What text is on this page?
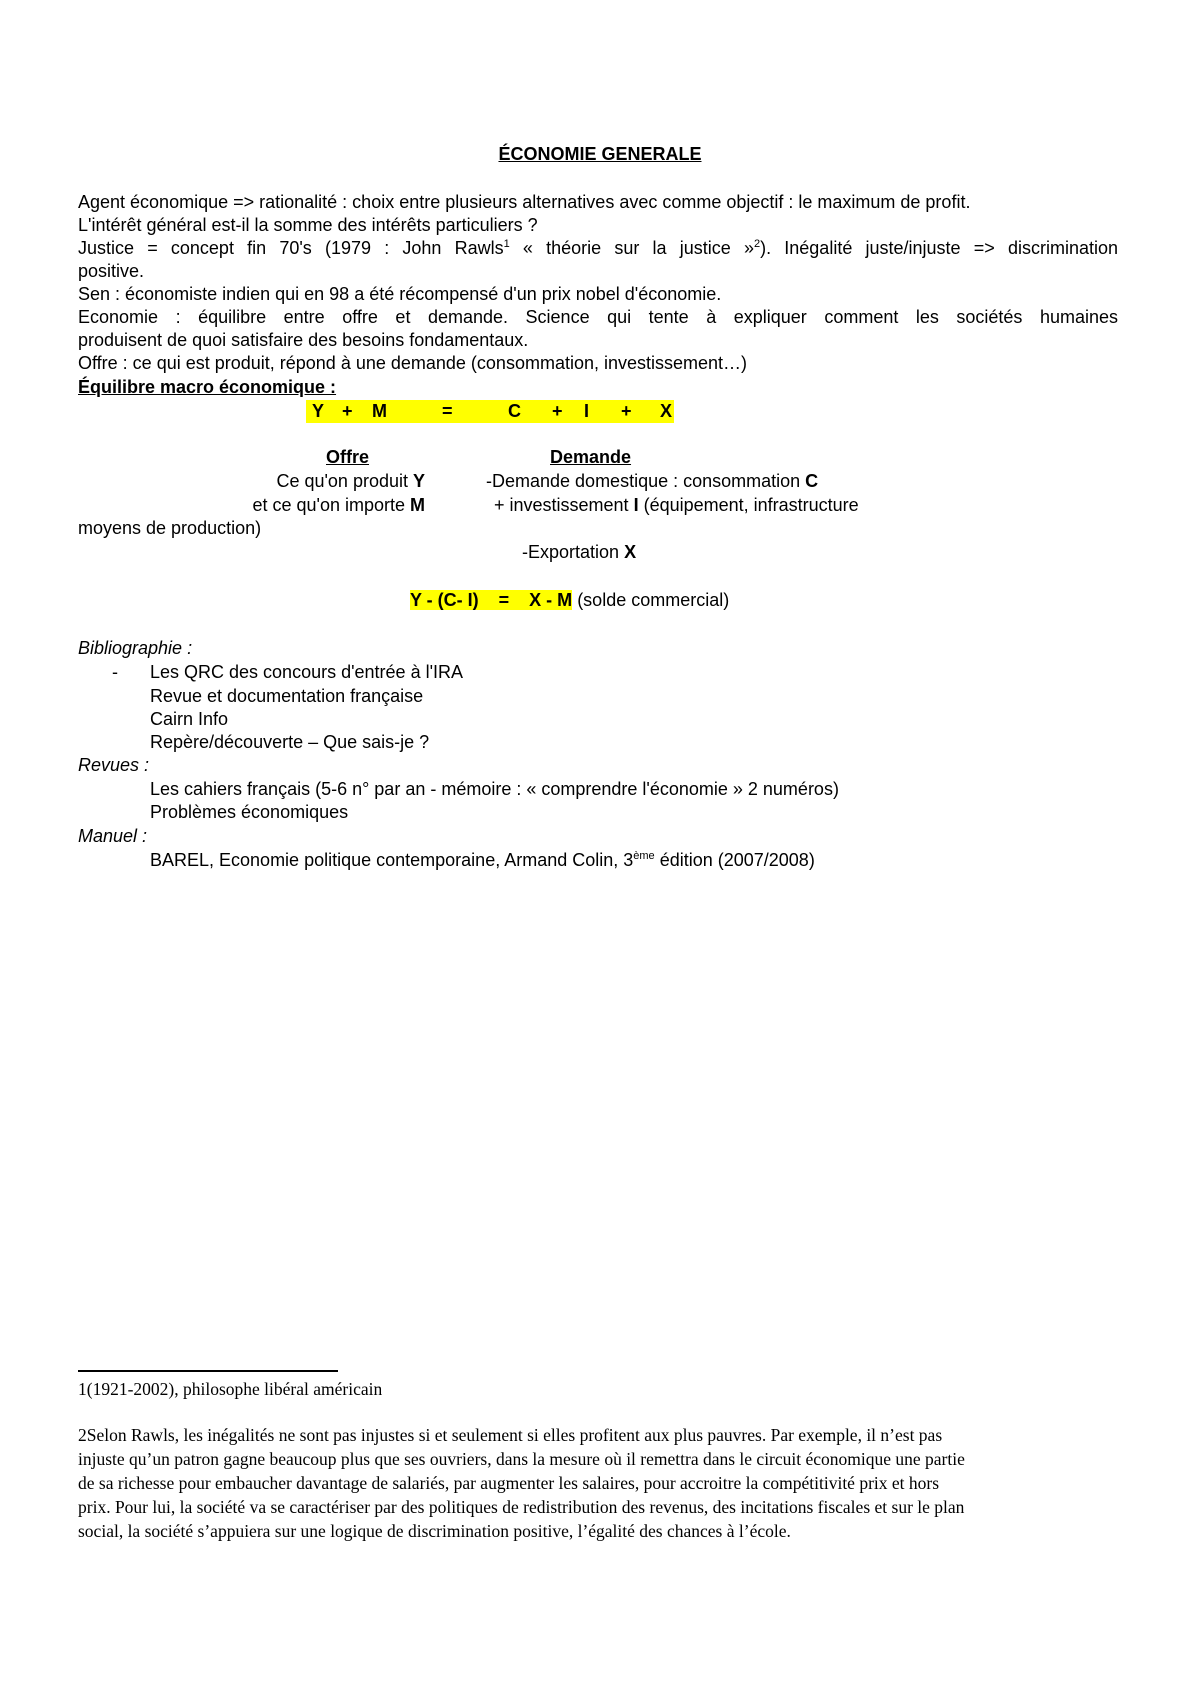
ÉCONOMIE GENERALE
Agent économique => rationalité : choix entre plusieurs alternatives avec comme objectif : le maximum de profit.
L'intérêt général est-il la somme des intérêts particuliers ?
Justice = concept fin 70's (1979 : John Rawls$^1$ « théorie sur la justice »$^2$). Inégalité juste/injuste => discrimination
positive.
Sen : économiste indien qui en 98 a été récompensé d'un prix nobel d'économie.
Economie : équilibre entre offre et demande. Science qui tente à expliquer comment les sociétés humaines
produisent de quoi satisfaire des besoins fondamentaux.
Offre : ce qui est produit, répond à une demande (consommation, investissement…)
Équilibre macro économique :
Y + M	=	C + I + X
Offre	Demande
Ce qu'on produit Y	-Demande domestique : consommation C
et ce qu'on importe M	+ investissement I (équipement, infrastructure
moyens de production)
-Exportation X
Y - (C- I)    =    X - M (solde commercial)
Bibliographie :
- Les QRC des concours d'entrée à l'IRA
Revue et documentation française
Cairn Info
Repère/découverte – Que sais-je ?
Revues :
Les cahiers français (5-6 n° par an - mémoire : « comprendre l'économie » 2 numéros)
Problèmes économiques
Manuel :
BAREL, Economie politique contemporaine, Armand Colin, 3ème édition (2007/2008)
1(1921-2002), philosophe libéral américain
2Selon Rawls, les inégalités ne sont pas injustes si et seulement si elles profitent aux plus pauvres. Par exemple, il n’est pas
injuste qu’un patron gagne beaucoup plus que ses ouvriers, dans la mesure où il remettra dans le circuit économique une partie
de sa richesse pour embaucher davantage de salariés, par augmenter les salaires, pour accroitre la compétitivité prix et hors
prix. Pour lui, la société va se caractériser par des politiques de redistribution des revenus, des incitations fiscales et sur le plan
social, la société s’appuiera sur une logique de discrimination positive, l’égalité des chances à l’école.
